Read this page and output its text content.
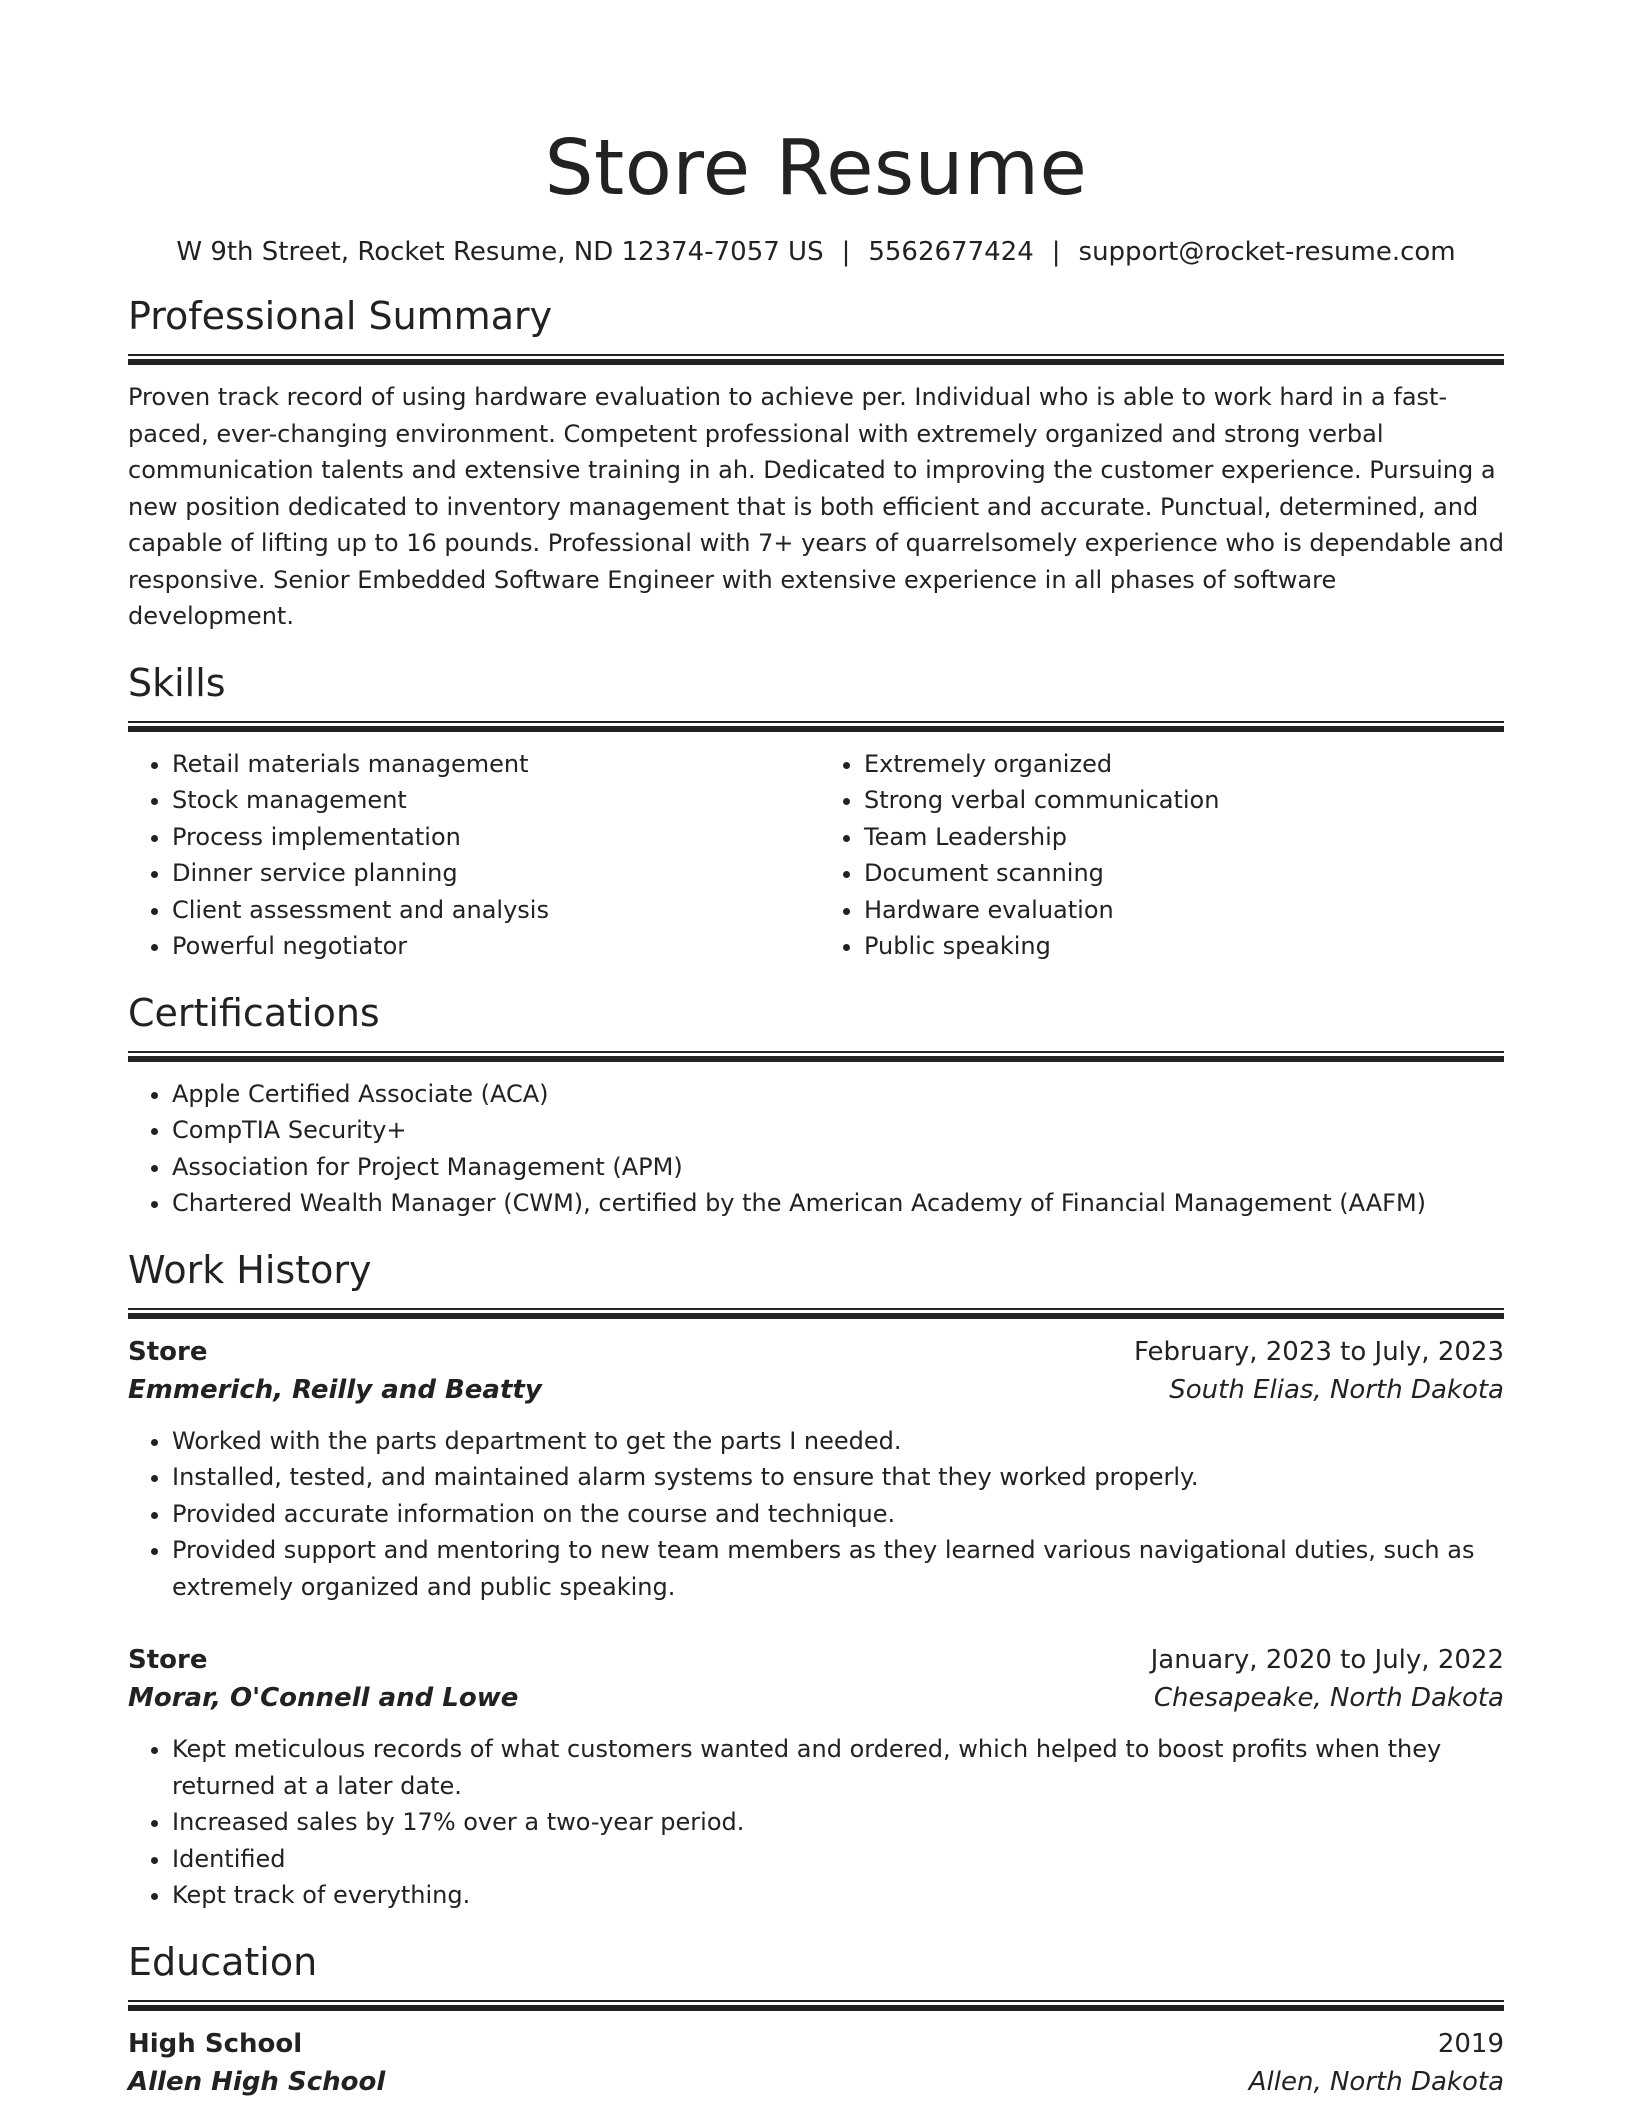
Store Resume
W 9th Street, Rocket Resume, ND 12374-7057 US | 5562677424 | support@rocket-resume.com
Professional Summary

Proven track record of using hardware evaluation to achieve per. Individual who is able to work hard in a fast-paced, ever-changing environment. Competent professional with extremely organized and strong verbal communication talents and extensive training in ah. Dedicated to improving the customer experience. Pursuing a new position dedicated to inventory management that is both efficient and accurate. Punctual, determined, and capable of lifting up to 16 pounds. Professional with 7+ years of quarrelsomely experience who is dependable and responsive. Senior Embedded Software Engineer with extensive experience in all phases of software development.

Skills
• Retail materials management
• Stock management
• Process implementation
• Dinner service planning
• Client assessment and analysis
• Powerful negotiator
• Extremely organized
• Strong verbal communication
• Team Leadership
• Document scanning
• Hardware evaluation
• Public speaking
Certifications
• Apple Certified Associate (ACA)
• CompTIA Security+
• Association for Project Management (APM)
• Chartered Wealth Manager (CWM), certified by the American Academy of Financial Management (AAFM)
Work History
Store	February, 2023 to July, 2023
Emmerich, Reilly and Beatty	South Elias, North Dakota
• Worked with the parts department to get the parts I needed.
• Installed, tested, and maintained alarm systems to ensure that they worked properly.
• Provided accurate information on the course and technique.
• Provided support and mentoring to new team members as they learned various navigational duties, such as extremely organized and public speaking.
Store	January, 2020 to July, 2022
Morar, O'Connell and Lowe	Chesapeake, North Dakota
• Kept meticulous records of what customers wanted and ordered, which helped to boost profits when they returned at a later date.
• Increased sales by 17% over a two-year period.
• Identified
• Kept track of everything.
Education
High School	2019
Allen High School	Allen, North Dakota
